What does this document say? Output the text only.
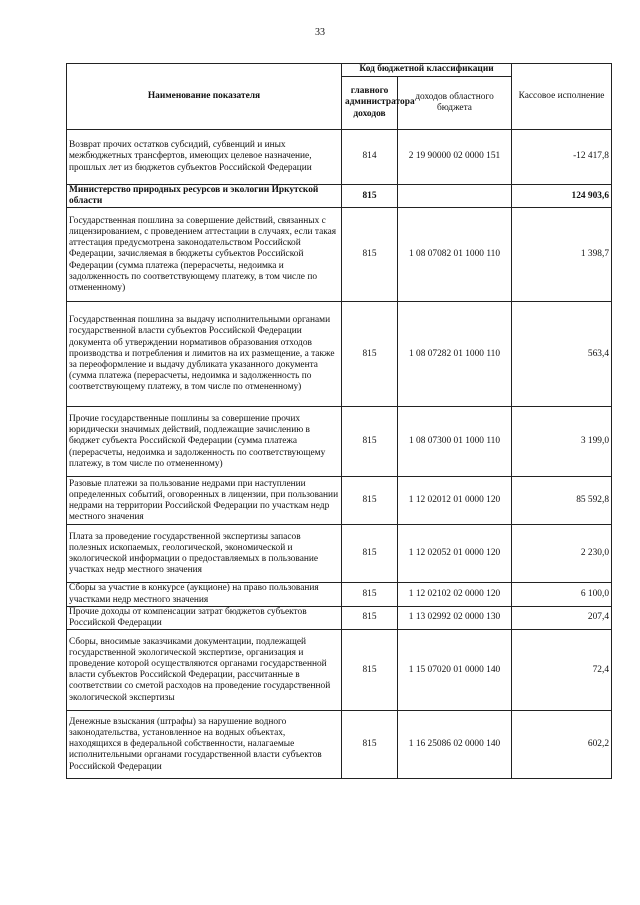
33
Наименование показателя	Код бюджетной классификации		Кассовое исполнение
	главного администратора доходов	доходов областного бюджета	
Возврат прочих остатков субсидий, субвенций и иных межбюджетных трансфертов, имеющих целевое назначение, прошлых лет из бюджетов субъектов Российской Федерации	814	2 19 90000 02 0000 151	-12 417,8
Министерство природных ресурсов и экологии Иркутской области	815		124 903,6
Государственная пошлина за совершение действий, связанных с лицензированием, с проведением аттестации в случаях, если такая аттестация предусмотрена законодательством Российской Федерации, зачисляемая в бюджеты субъектов Российской Федерации (сумма платежа (перерасчеты, недоимка и задолженность по соответствующему платежу, в том числе по отмененному)	815	1 08 07082 01 1000 110	1 398,7
Государственная пошлина за выдачу исполнительными органами государственной власти субъектов Российской Федерации документа об утверждении нормативов образования отходов производства и потребления и лимитов на их размещение, а также за переоформление и выдачу дубликата указанного документа (сумма платежа (перерасчеты, недоимка и задолженность по соответствующему платежу, в том числе по отмененному)	815	1 08 07282 01 1000 110	563,4
Прочие государственные пошлины за совершение прочих юридически значимых действий, подлежащие зачислению в бюджет субъекта Российской Федерации (сумма платежа (перерасчеты, недоимка и задолженность по соответствующему платежу, в том числе по отмененному)	815	1 08 07300 01 1000 110	3 199,0
Разовые платежи за пользование недрами при наступлении определенных событий, оговоренных в лицензии, при пользовании недрами на территории Российской Федерации по участкам недр местного значения	815	1 12 02012 01 0000 120	85 592,8
Плата за проведение государственной экспертизы запасов полезных ископаемых, геологической, экономической и экологической информации о предоставляемых в пользование участках недр местного значения	815	1 12 02052 01 0000 120	2 230,0
Сборы за участие в конкурсе (аукционе) на право пользования участками недр местного значения	815	1 12 02102 02 0000 120	6 100,0
Прочие доходы от компенсации затрат бюджетов субъектов Российской Федерации	815	1 13 02992 02 0000 130	207,4
Сборы, вносимые заказчиками документации, подлежащей государственной экологической экспертизе, организация и проведение которой осуществляются органами государственной власти субъектов Российской Федерации, рассчитанные в соответствии со сметой расходов на проведение государственной экологической экспертизы	815	1 15 07020 01 0000 140	72,4
Денежные взыскания (штрафы) за нарушение водного законодательства, установленное на водных объектах, находящихся в федеральной собственности, налагаемые исполнительными органами государственной власти субъектов Российской Федерации	815	1 16 25086 02 0000 140	602,2
